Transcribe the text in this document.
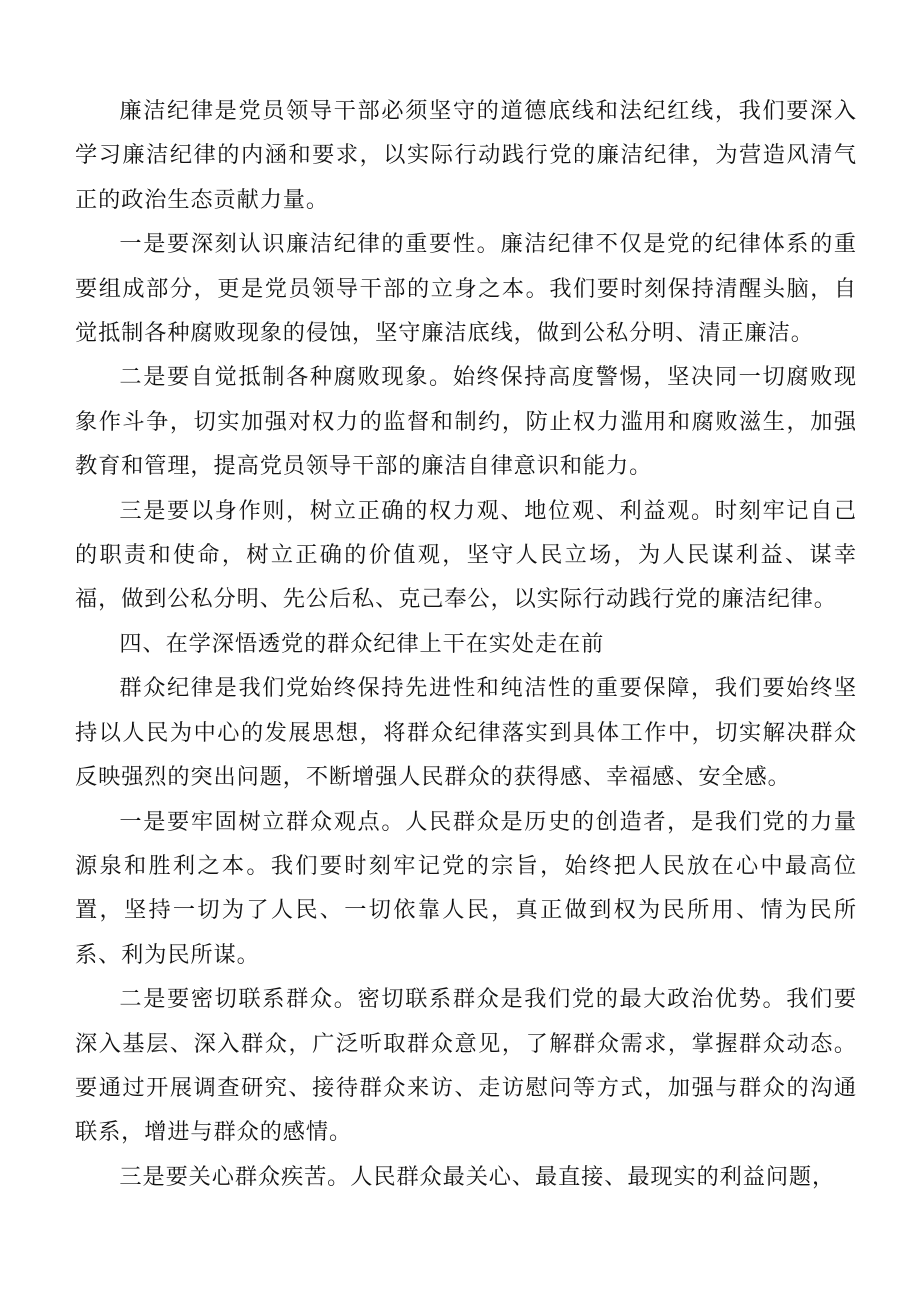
廉洁纪律是党员领导干部必须坚守的道德底线和法纪红线，我们要深入学习廉洁纪律的内涵和要求，以实际行动践行党的廉洁纪律，为营造风清气正的政治生态贡献力量。

一是要深刻认识廉洁纪律的重要性。廉洁纪律不仅是党的纪律体系的重要组成部分，更是党员领导干部的立身之本。我们要时刻保持清醒头脑，自觉抵制各种腐败现象的侵蚀，坚守廉洁底线，做到公私分明、清正廉洁。

二是要自觉抵制各种腐败现象。始终保持高度警惕，坚决同一切腐败现象作斗争，切实加强对权力的监督和制约，防止权力滥用和腐败滋生，加强教育和管理，提高党员领导干部的廉洁自律意识和能力。

三是要以身作则，树立正确的权力观、地位观、利益观。时刻牢记自己的职责和使命，树立正确的价值观，坚守人民立场，为人民谋利益、谋幸福，做到公私分明、先公后私、克己奉公，以实际行动践行党的廉洁纪律。

四、在学深悟透党的群众纪律上干在实处走在前

群众纪律是我们党始终保持先进性和纯洁性的重要保障，我们要始终坚持以人民为中心的发展思想，将群众纪律落实到具体工作中，切实解决群众反映强烈的突出问题，不断增强人民群众的获得感、幸福感、安全感。

一是要牢固树立群众观点。人民群众是历史的创造者，是我们党的力量源泉和胜利之本。我们要时刻牢记党的宗旨，始终把人民放在心中最高位置，坚持一切为了人民、一切依靠人民，真正做到权为民所用、情为民所系、利为民所谋。

二是要密切联系群众。密切联系群众是我们党的最大政治优势。我们要深入基层、深入群众，广泛听取群众意见，了解群众需求，掌握群众动态。要通过开展调查研究、接待群众来访、走访慰问等方式，加强与群众的沟通联系，增进与群众的感情。

三是要关心群众疾苦。人民群众最关心、最直接、最现实的利益问题，
